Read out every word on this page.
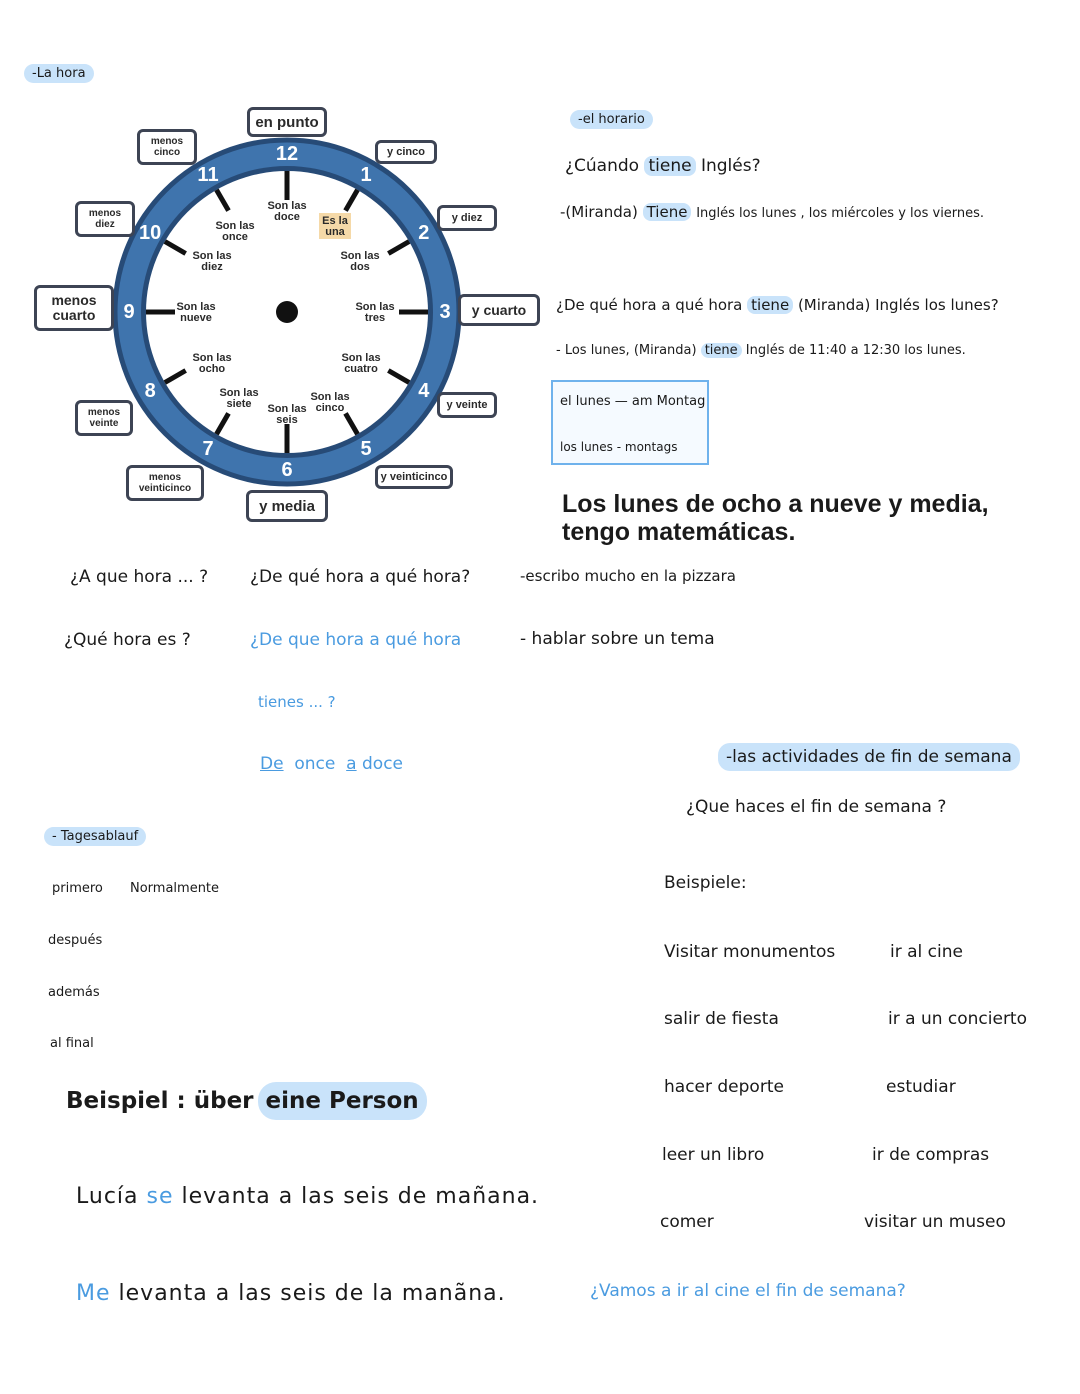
-La hora
12
1
2
3
4
5
6
7
8
9
10
11
Son las
doce	Es la
una
Son las
dos
Son las
tres
Son las
cuatro
Son las
cinco
Son las
seis
Son las
siete
Son las
ocho
Son las
nueve
Son las
diez
Son las
once
en punto
y cinco
y diez
y cuarto
y veinte
y veinticinco
y media
menos
veinticinco
menos
veinte
menos
cuarto
menos
diez
menos
cinco
-el horario
¿Cúando tiene Inglés?
-(Miranda) Tiene Inglés los lunes , los miércoles y los viernes.
¿De qué hora a qué hora tiene (Miranda) Inglés los lunes?
- Los lunes, (Miranda) tiene Inglés de 11:40 a 12:30 los lunes.
el lunes — am Montag
los lunes - montags
Los lunes de ocho a nueve y media, tengo matemáticas.
¿A que hora ... ?
¿Qué hora es ?
¿De qué hora a qué hora?
¿De que hora a qué hora
tienes ... ?
De once a doce
-escribo mucho en la pizzara
- hablar sobre un tema
-las actividades de fin de semana
¿Que haces el fin de semana ?
Beispiele:
Visitar monumentos	ir al cine
salir de fiesta	ir a un concierto
hacer deporte	estudiar
leer un libro	ir de compras
comer	visitar un museo
¿Vamos a ir al cine el fin de semana?
- Tagesablauf
primero Normalmente
después
además
al final
Beispiel : über eine Person
Lucía se levanta a las seis de mañana.
Me levanta a las seis de la manãna.
